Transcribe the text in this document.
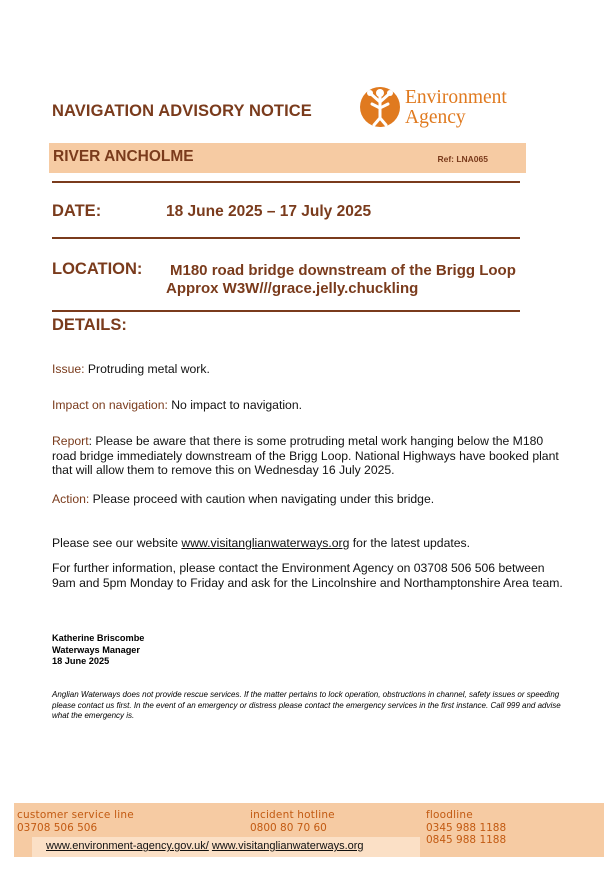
NAVIGATION ADVISORY NOTICE
Environment
Agency
RIVER ANCHOLME	Ref: LNA065
DATE:	18 June 2025 – 17 July 2025
LOCATION: M180 road bridge downstream of the Brigg Loop
Approx W3W///grace.jelly.chuckling
DETAILS:
Issue: Protruding metal work.
Impact on navigation: No impact to navigation.
Report: Please be aware that there is some protruding metal work hanging below the M180 road bridge immediately downstream of the Brigg Loop. National Highways have booked plant that will allow them to remove this on Wednesday 16 July 2025.
Action: Please proceed with caution when navigating under this bridge.
Please see our website www.visitanglianwaterways.org for the latest updates.
For further information, please contact the Environment Agency on 03708 506 506 between 9am and 5pm Monday to Friday and ask for the Lincolnshire and Northamptonshire Area team.
Katherine Briscombe
Waterways Manager
18 June 2025
Anglian Waterways does not provide rescue services. If the matter pertains to lock operation, obstructions in channel, safety issues or speeding please contact us first. In the event of an emergency or distress please contact the emergency services in the first instance. Call 999 and advise what the emergency is.
customer service line
03708 506 506
incident hotline
0800 80 70 60
floodline
0345 988 1188
0845 988 1188
www.environment-agency.gov.uk/ www.visitanglianwaterways.org
